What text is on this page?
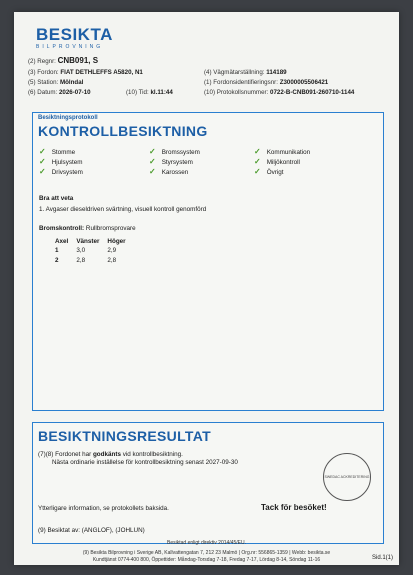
BESIKTA
BILPROVNING
(2) Regnr: CNB091, S
(3) Fordon: FIAT DETHLEFFS A5820, N1
(5) Station: Mölndal
(6) Datum: 2026-07-10	(10) Tid: kl.11:44
(4) Vägmätarställning: 114189
(1) Fordonsidentifieringsnr: Z3000005506421
(10) Protokollsnummer: 0722-B-CNB091-260710-1144
Besiktningsprotokoll
KONTROLLBESIKTNING
✓ Stomme	✓ Bromssystem	✓ Kommunikation
✓ Hjulsystem	✓ Styrsystem	✓ Miljökontroll
✓ Drivsystem	✓ Karossen	✓ Övrigt
Bra att veta
1. Avgaser dieseldriven svärtning, visuell kontroll genomförd
Bromskontroll: Rullbromsprovare
Axel	Vänster	Höger
1	3,0	2,9
2	2,8	2,8
BESIKTNINGSRESULTAT
(7)(8) Fordonet har godkänts vid kontrollbesiktning.
Nästa ordinarie inställelse för kontrollbesiktning senast 2027-09-30
SWEDAC ACKREDITERING
Ytterligare information, se protokollets baksida.	Tack för besöket!
(9) Besiktat av: (ANGLOF), (JOHLUN)
Besiktad enligt direktiv 2014/45/EU.
(9) Besikta Bilprovning i Sverige AB, Kallvattengatan 7, 212 23 Malmö | Org.nr: 556865-1359 | Webb: besikta.se
Kundtjänst 0774-400 800, Öppettider: Måndag-Torsdag 7-18, Fredag 7-17, Lördag 8-14, Söndag 11-16	Sid.1(1)
